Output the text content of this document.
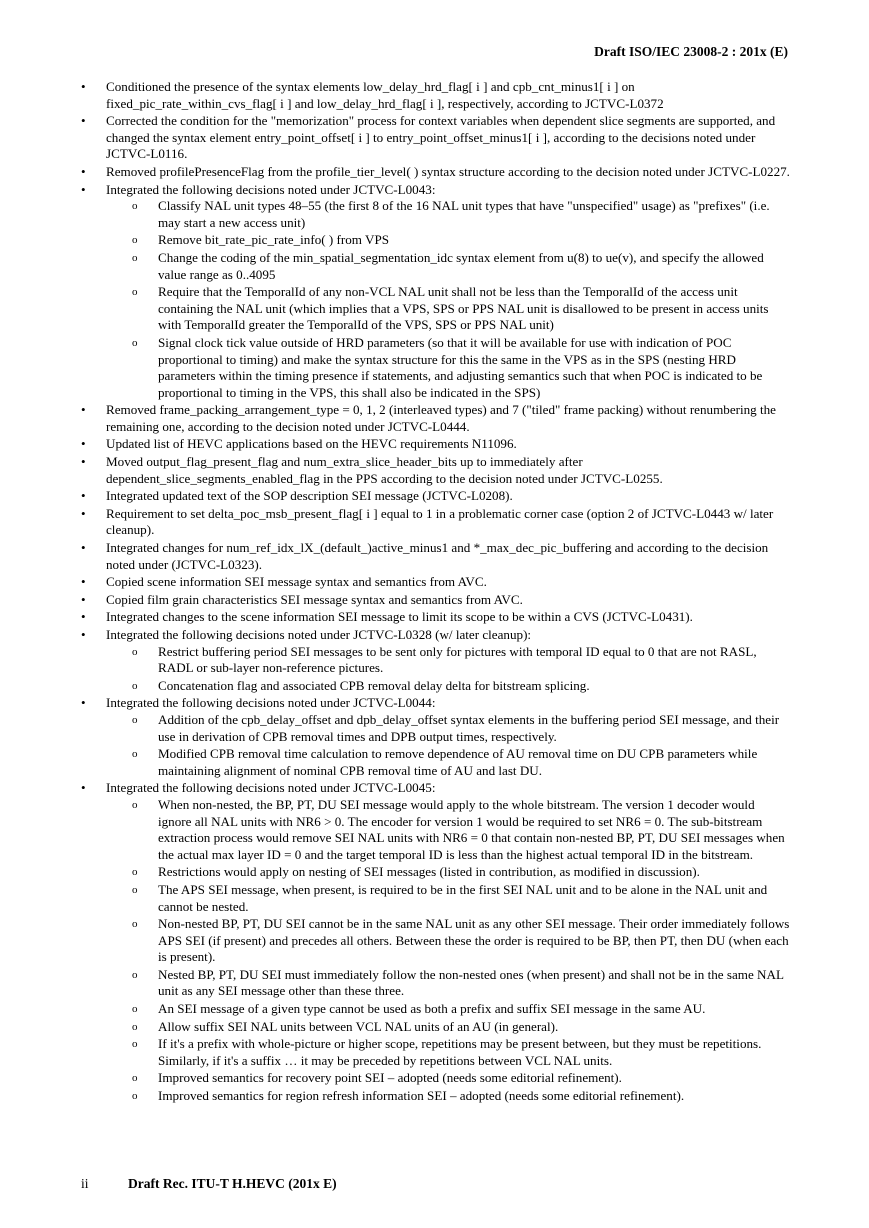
Draft ISO/IEC 23008-2 : 201x (E)
•	Conditioned the presence of the syntax elements low_delay_hrd_flag[ i ] and cpb_cnt_minus1[ i ] on fixed_pic_rate_within_cvs_flag[ i ] and low_delay_hrd_flag[ i ], respectively, according to JCTVC-L0372
•	Corrected the condition for the "memorization" process for context variables when dependent slice segments are supported, and changed the syntax element entry_point_offset[ i ] to entry_point_offset_minus1[ i ], according to the decisions noted under JCTVC-L0116.
•	Removed profilePresenceFlag from the profile_tier_level( ) syntax structure according to the decision noted under JCTVC-L0227.
•	Integrated the following decisions noted under JCTVC-L0043:
o Classify NAL unit types 48–55 (the first 8 of the 16 NAL unit types that have "unspecified" usage) as "prefixes" (i.e. may start a new access unit)
o Remove bit_rate_pic_rate_info( ) from VPS
o Change the coding of the min_spatial_segmentation_idc syntax element from u(8) to ue(v), and specify the allowed value range as 0..4095
o Require that the TemporalId of any non-VCL NAL unit shall not be less than the TemporalId of the access unit containing the NAL unit (which implies that a VPS, SPS or PPS NAL unit is disallowed to be present in access units with TemporalId greater the TemporalId of the VPS, SPS or PPS NAL unit)
o Signal clock tick value outside of HRD parameters (so that it will be available for use with indication of POC proportional to timing) and make the syntax structure for this the same in the VPS as in the SPS (nesting HRD parameters within the timing presence if statements, and adjusting semantics such that when POC is indicated to be proportional to timing in the VPS, this shall also be indicated in the SPS)
•	Removed frame_packing_arrangement_type = 0, 1, 2 (interleaved types) and 7 ("tiled" frame packing) without renumbering the remaining one, according to the decision noted under JCTVC-L0444.
•	Updated list of HEVC applications based on the HEVC requirements N11096.
•	Moved output_flag_present_flag and num_extra_slice_header_bits up to immediately after dependent_slice_segments_enabled_flag in the PPS according to the decision noted under JCTVC-L0255.
•	Integrated updated text of the SOP description SEI message (JCTVC-L0208).
•	Requirement to set delta_poc_msb_present_flag[ i ] equal to 1 in a problematic corner case (option 2 of JCTVC-L0443 w/ later cleanup).
•	Integrated changes for num_ref_idx_lX_(default_)active_minus1 and *_max_dec_pic_buffering and according to the decision noted under (JCTVC-L0323).
•	Copied scene information SEI message syntax and semantics from AVC.
•	Copied film grain characteristics SEI message syntax and semantics from AVC.
•	Integrated changes to the scene information SEI message to limit its scope to be within a CVS (JCTVC-L0431).
•	Integrated the following decisions noted under JCTVC-L0328 (w/ later cleanup):
o Restrict buffering period SEI messages to be sent only for pictures with temporal ID equal to 0 that are not RASL, RADL or sub-layer non-reference pictures.
o Concatenation flag and associated CPB removal delay delta for bitstream splicing.
•	Integrated the following decisions noted under JCTVC-L0044:
o Addition of the cpb_delay_offset and dpb_delay_offset syntax elements in the buffering period SEI message, and their use in derivation of CPB removal times and DPB output times, respectively.
o Modified CPB removal time calculation to remove dependence of AU removal time on DU CPB parameters while maintaining alignment of nominal CPB removal time of AU and last DU.
•	Integrated the following decisions noted under JCTVC-L0045:
o When non-nested, the BP, PT, DU SEI message would apply to the whole bitstream. The version 1 decoder would ignore all NAL units with NR6 > 0. The encoder for version 1 would be required to set NR6 = 0. The sub-bitstream extraction process would remove SEI NAL units with NR6 = 0 that contain non-nested BP, PT, DU SEI messages when the actual max layer ID = 0 and the target temporal ID is less than the highest actual temporal ID in the bitstream.
o Restrictions would apply on nesting of SEI messages (listed in contribution, as modified in discussion).
o The APS SEI message, when present, is required to be in the first SEI NAL unit and to be alone in the NAL unit and cannot be nested.
o Non-nested BP, PT, DU SEI cannot be in the same NAL unit as any other SEI message. Their order immediately follows APS SEI (if present) and precedes all others. Between these the order is required to be BP, then PT, then DU (when each is present).
o Nested BP, PT, DU SEI must immediately follow the non-nested ones (when present) and shall not be in the same NAL unit as any SEI message other than these three.
o An SEI message of a given type cannot be used as both a prefix and suffix SEI message in the same AU.
o Allow suffix SEI NAL units between VCL NAL units of an AU (in general).
o If it's a prefix with whole-picture or higher scope, repetitions may be present between, but they must be repetitions. Similarly, if it's a suffix … it may be preceded by repetitions between VCL NAL units.
o Improved semantics for recovery point SEI – adopted (needs some editorial refinement).
o Improved semantics for region refresh information SEI – adopted (needs some editorial refinement).
ii	Draft Rec. ITU-T H.HEVC (201x E)
